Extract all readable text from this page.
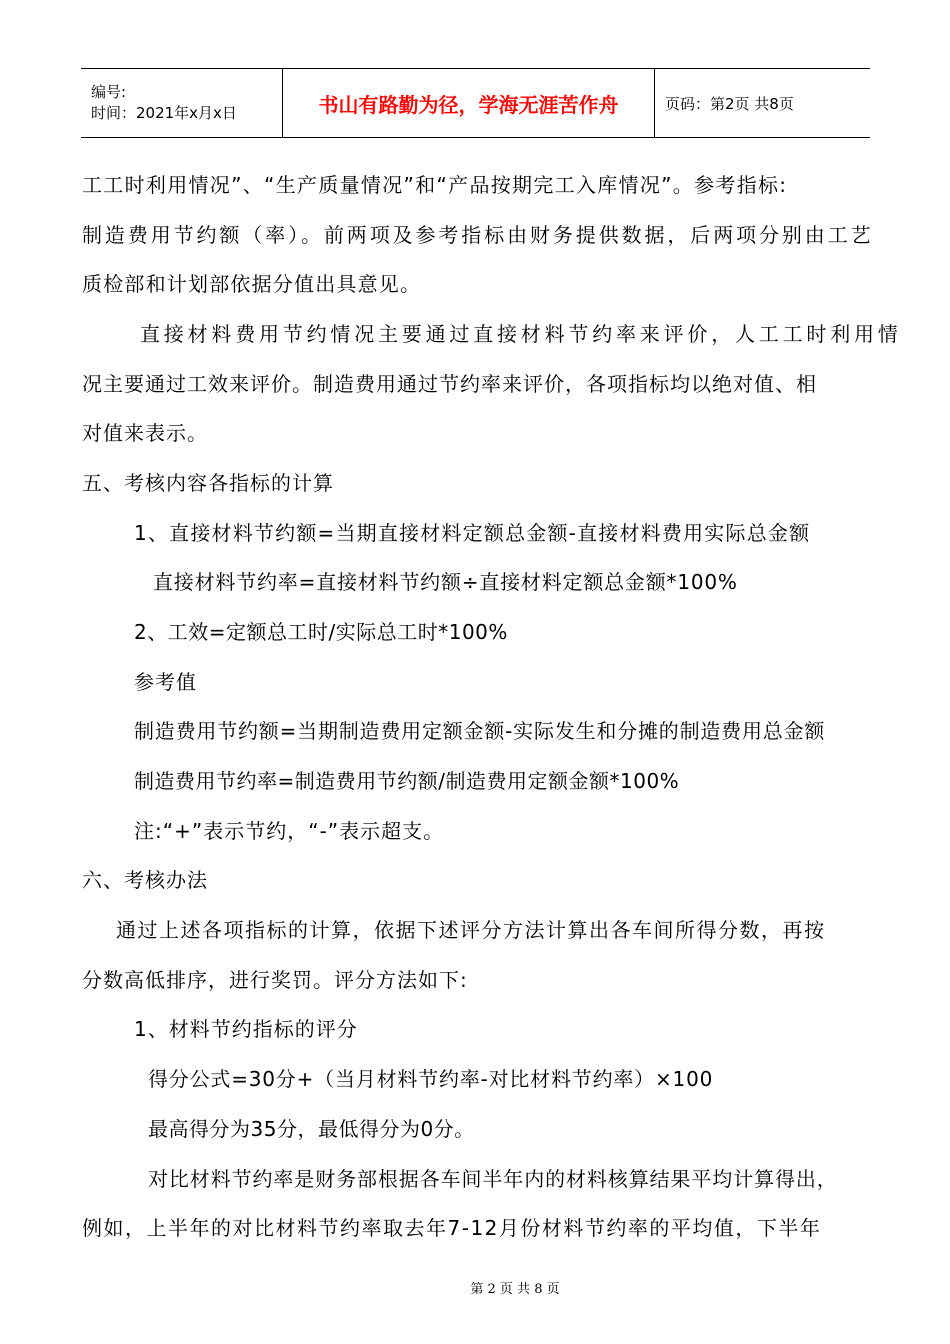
编号:
时间：2021年x月x日	书山有路勤为径，学海无涯苦作舟	页码：第2页 共8页
工工时利用情况”、“生产质量情况”和“产品按期完工入库情况”。参考指标:
制造费用节约额（率）。前两项及参考指标由财务提供数据，后两项分别由工艺
质检部和计划部依据分值出具意见。
直接材料费用节约情况主要通过直接材料节约率来评价，人工工时利用情
况主要通过工效来评价。制造费用通过节约率来评价，各项指标均以绝对值、相
对值来表示。
五、考核内容各指标的计算
1、直接材料节约额=当期直接材料定额总金额-直接材料费用实际总金额
直接材料节约率=直接材料节约额÷直接材料定额总金额*100%
2、工效=定额总工时/实际总工时*100%
参考值
制造费用节约额=当期制造费用定额金额-实际发生和分摊的制造费用总金额
制造费用节约率=制造费用节约额/制造费用定额金额*100%
注:“+”表示节约，“-”表示超支。
六、考核办法
通过上述各项指标的计算，依据下述评分方法计算出各车间所得分数，再按
分数高低排序，进行奖罚。评分方法如下:
1、材料节约指标的评分
得分公式=30分+（当月材料节约率-对比材料节约率）×100
最高得分为35分，最低得分为0分。
对比材料节约率是财务部根据各车间半年内的材料核算结果平均计算得出，
例如，上半年的对比材料节约率取去年7-12月份材料节约率的平均值，下半年
第 2 页 共 8 页
